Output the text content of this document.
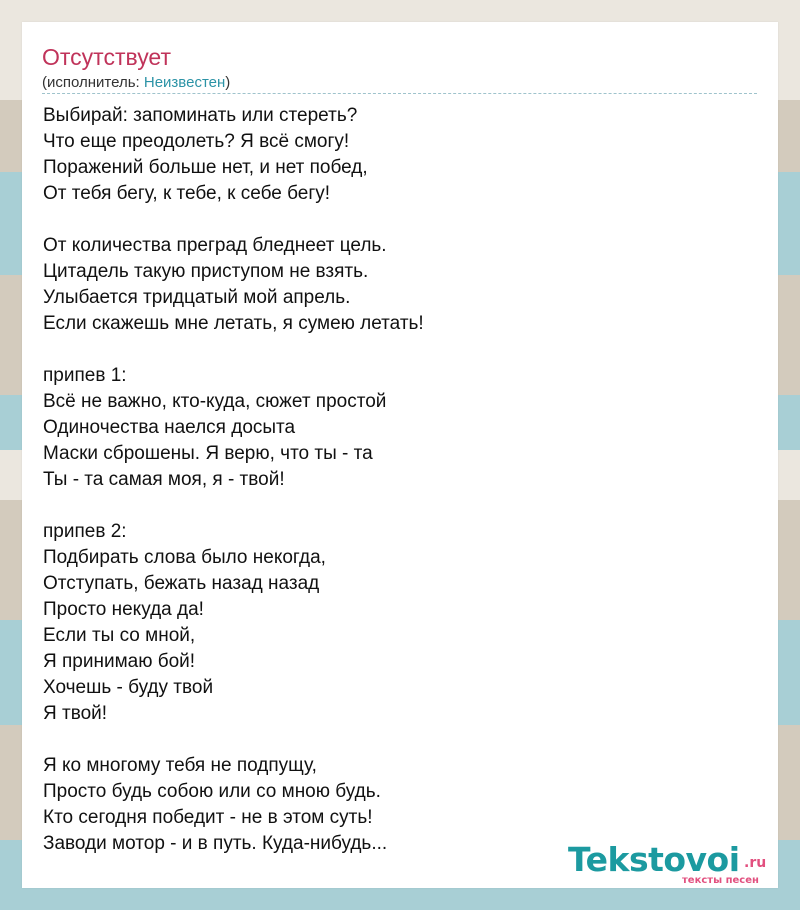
Отсутствует
(исполнитель: Неизвестен)
Выбирай: запоминать или стереть?
Что еще преодолеть? Я всё смогу!
Поражений больше нет, и нет побед,
От тебя бегу, к тебе, к себе бегу!
От количества преград бледнеет цель.
Цитадель такую приступом не взять.
Улыбается тридцатый мой апрель.
Если скажешь мне летать, я сумею летать!
припев 1:
Всё не важно, кто-куда, сюжет простой
Одиночества наелся досыта
Маски сброшены. Я верю, что ты - та
Ты - та самая моя, я - твой!
припев 2:
Подбирать слова было некогда,
Отступать, бежать назад назад
Просто некуда да!
Если ты со мной,
Я принимаю бой!
Хочешь - буду твой
Я твой!
Я ко многому тебя не подпущу,
Просто будь собою или со мною будь.
Кто сегодня победит - не в этом суть!
Заводи мотор - и в путь. Куда-нибудь...	Tekstovoi .ru
тексты песен
